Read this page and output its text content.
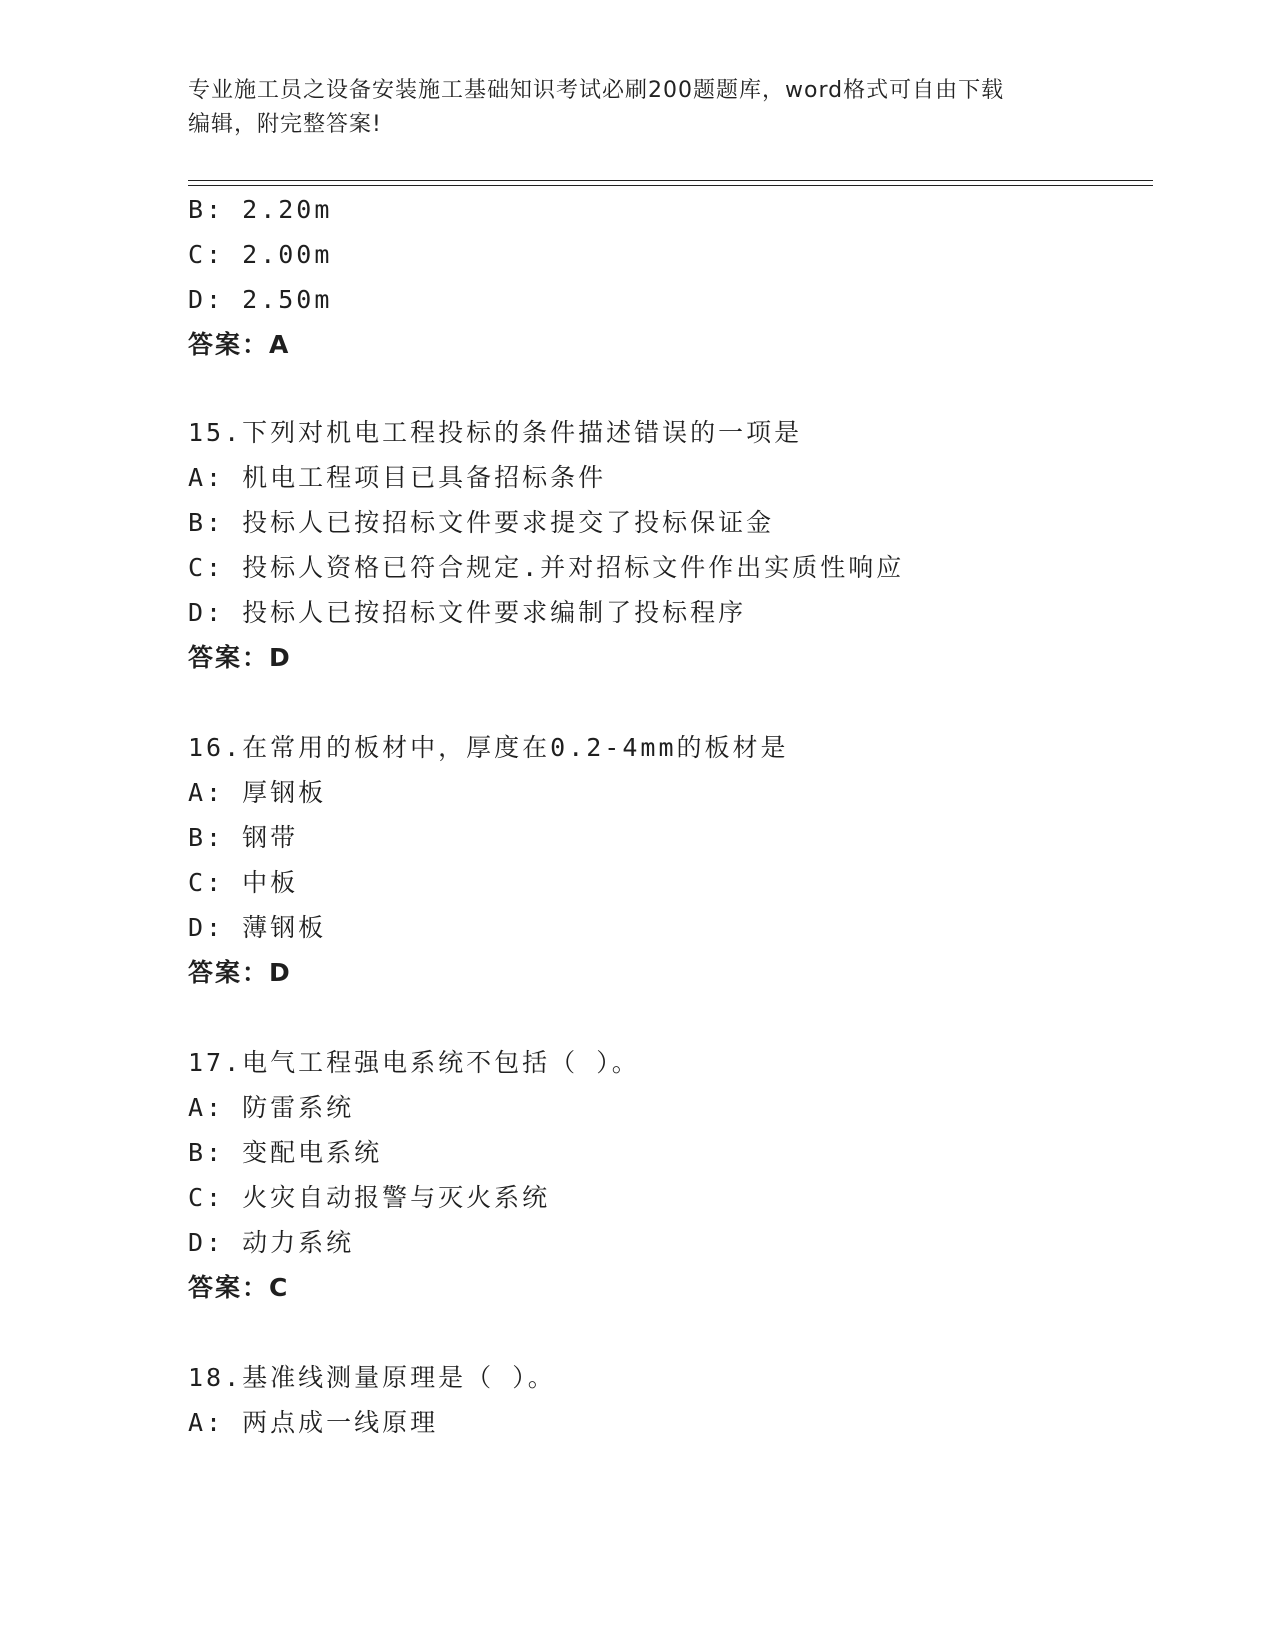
专业施工员之设备安装施工基础知识考试必刷200题题库，word格式可自由下载
编辑，附完整答案!
B: 2.20m
C: 2.00m
D: 2.50m
答案：A
15.下列对机电工程投标的条件描述错误的一项是
A: 机电工程项目已具备招标条件
B: 投标人已按招标文件要求提交了投标保证金
C: 投标人资格已符合规定.并对招标文件作出实质性响应
D: 投标人已按招标文件要求编制了投标程序
答案：D
16.在常用的板材中，厚度在0.2-4mm的板材是
A: 厚钢板
B: 钢带
C: 中板
D: 薄钢板
答案：D
17.电气工程强电系统不包括（ ）。
A: 防雷系统
B: 变配电系统
C: 火灾自动报警与灭火系统
D: 动力系统
答案：C
18.基准线测量原理是（ ）。
A: 两点成一线原理
